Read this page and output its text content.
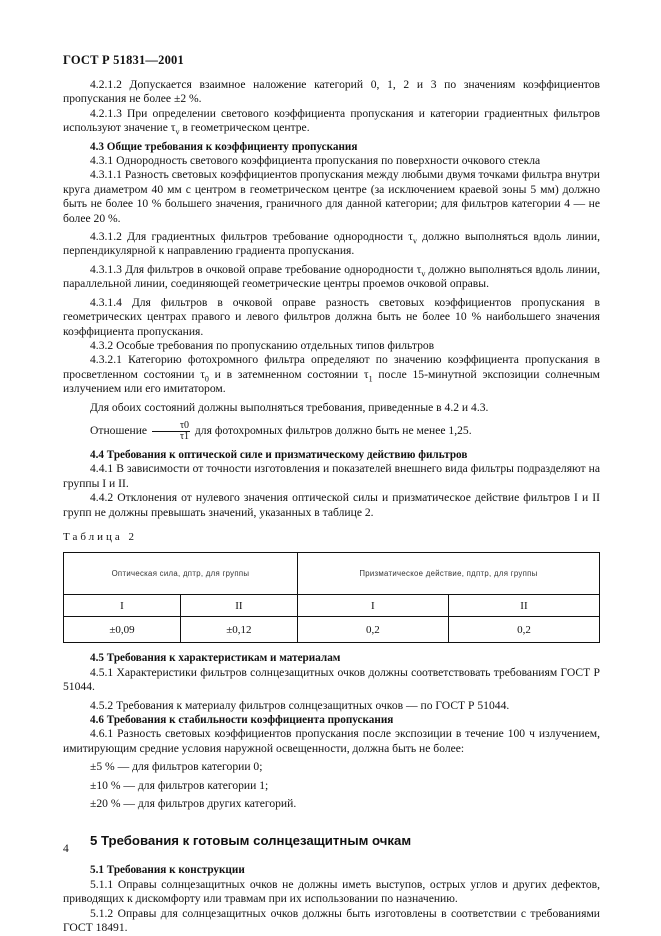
ГОСТ Р 51831—2001
4.2.1.2 Допускается взаимное наложение категорий 0, 1, 2 и 3 по значениям коэффициентов пропускания не более ±2 %.
4.2.1.3 При определении светового коэффициента пропускания и категории градиентных фильтров используют значение $\tau_v$ в геометрическом центре.
4.3 Общие требования к коэффициенту пропускания
4.3.1 Однородность светового коэффициента пропускания по поверхности очкового стекла
4.3.1.1 Разность световых коэффициентов пропускания между любыми двумя точками фильтра внутри круга диаметром 40 мм с центром в геометрическом центре (за исключением краевой зоны 5 мм) должно быть не более 10 % большего значения, граничного для данной категории; для фильтров категории 4 — не более 20 %.
4.3.1.2 Для градиентных фильтров требование однородности $\tau_v$ должно выполняться вдоль линии, перпендикулярной к направлению градиента пропускания.
4.3.1.3 Для фильтров в очковой оправе требование однородности $\tau_v$ должно выполняться вдоль линии, параллельной линии, соединяющей геометрические центры проемов очковой оправы.
4.3.1.4 Для фильтров в очковой оправе разность световых коэффициентов пропускания в геометрических центрах правого и левого фильтров должна быть не более 10 % наибольшего значения коэффициента пропускания.
4.3.2 Особые требования по пропусканию отдельных типов фильтров
4.3.2.1 Категорию фотохромного фильтра определяют по значению коэффициента пропускания в просветленном состоянии $\tau_0$ и в затемненном состоянии $\tau_1$ после 15-минутной экспозиции солнечным излучением или его имитатором.
Для обоих состояний должны выполняться требования, приведенные в 4.2 и 4.3.
Отношение $\frac{\tau 0}{\tau 1}$ для фотохромных фильтров должно быть не менее 1,25.
4.4 Требования к оптической силе и призматическому действию фильтров
4.4.1 В зависимости от точности изготовления и показателей внешнего вида фильтры подразделяют на группы I и II.
4.4.2 Отклонения от нулевого значения оптической силы и призматическое действие фильтров I и II групп не должны превышать значений, указанных в таблице 2.
Таблица 2
Оптическая сила, дптр, для группы		Призматическое действие, пдптр, для группы	
I	II	I	II
±0,09	±0,12	0,2	0,2
4.5 Требования к характеристикам и материалам
4.5.1 Характеристики фильтров солнцезащитных очков должны соответствовать требованиям ГОСТ Р 51044.
4.5.2 Требования к материалу фильтров солнцезащитных очков — по ГОСТ Р 51044.
4.6 Требования к стабильности коэффициента пропускания
4.6.1 Разность световых коэффициентов пропускания после экспозиции в течение 100 ч излучением, имитирующим средние условия наружной освещенности, должна быть не более:
±5 % — для фильтров категории 0;
±10 % — для фильтров категории 1;
±20 % — для фильтров других категорий.
5 Требования к готовым солнцезащитным очкам
5.1 Требования к конструкции
5.1.1 Оправы солнцезащитных очков не должны иметь выступов, острых углов и других дефектов, приводящих к дискомфорту или травмам при их использовании по назначению.
5.1.2 Оправы для солнцезащитных очков должны быть изготовлены в соответствии с требованиями ГОСТ 18491.
4
